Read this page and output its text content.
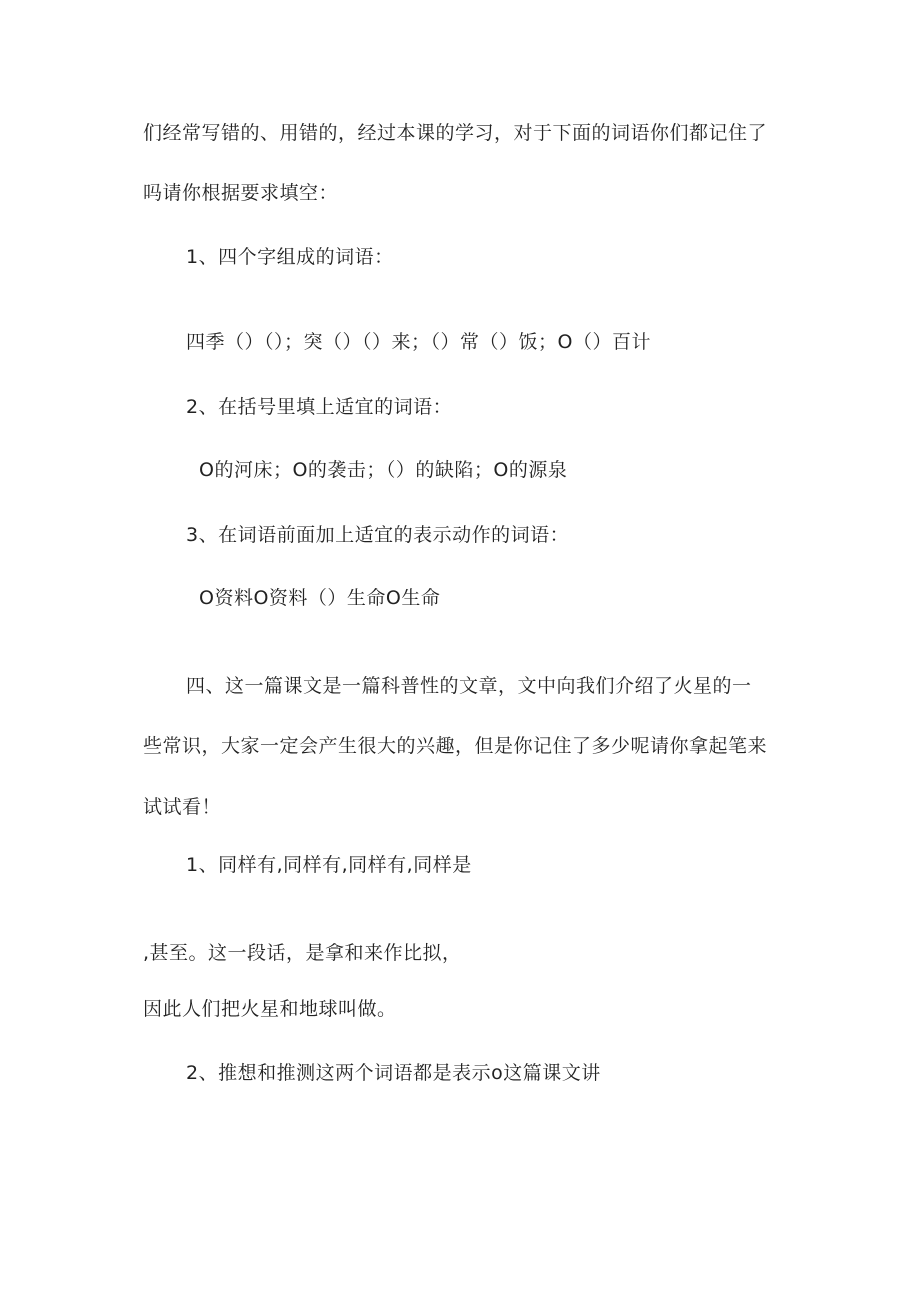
们经常写错的、用错的，经过本课的学习，对于下面的词语你们都记住了
吗请你根据要求填空：
1、四个字组成的词语：
四季（）（）；突（）（）来；（）常（）饭；O（）百计
2、在括号里填上适宜的词语：
O的河床；O的袭击；（）的缺陷；O的源泉
3、在词语前面加上适宜的表示动作的词语：
O资料O资料（）生命O生命
四、这一篇课文是一篇科普性的文章，文中向我们介绍了火星的一
些常识，大家一定会产生很大的兴趣，但是你记住了多少呢请你拿起笔来
试试看！
1、同样有,同样有,同样有,同样是
,甚至。这一段话，是拿和来作比拟，
因此人们把火星和地球叫做。
2、推想和推测这两个词语都是表示o这篇课文讲
